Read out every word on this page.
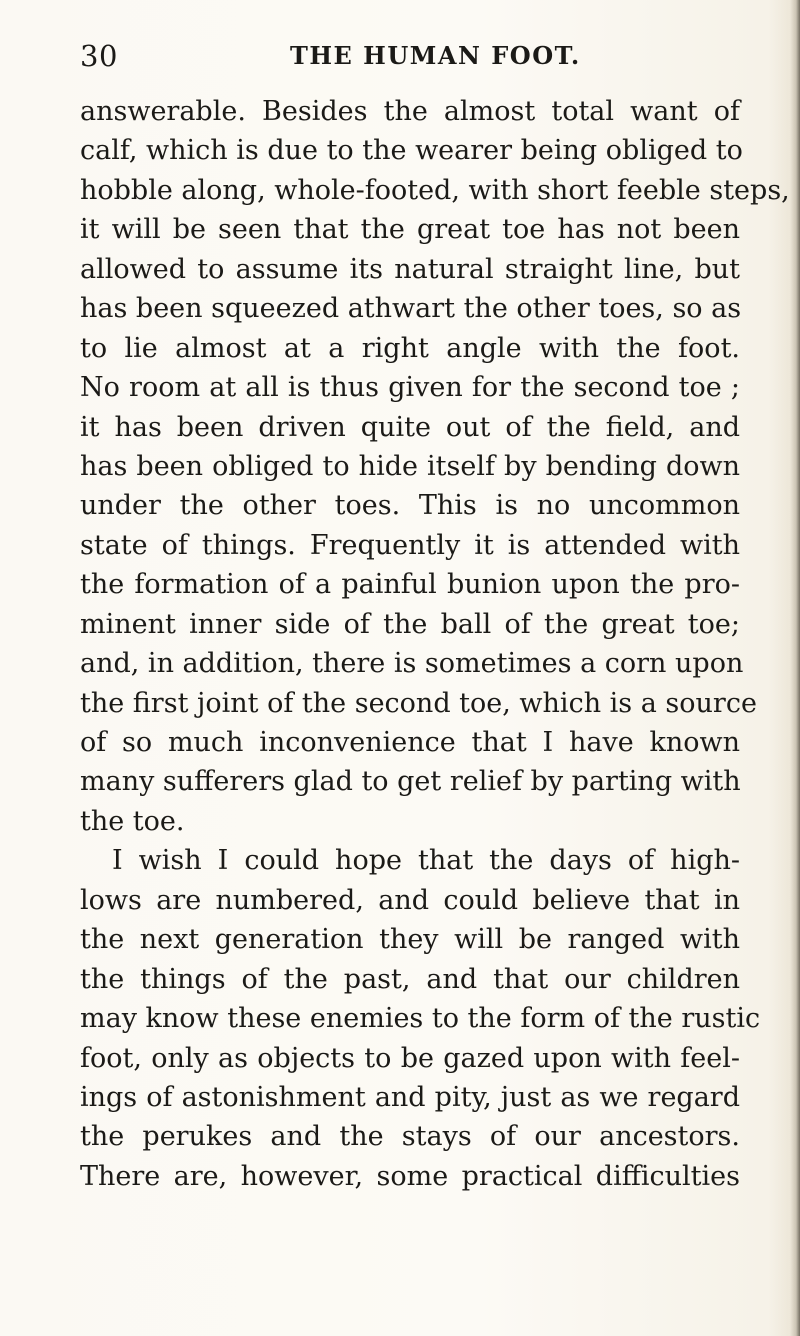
30	THE HUMAN FOOT.
answerable. Besides the almost total want of
calf, which is due to the wearer being obliged to
hobble along, whole-footed, with short feeble steps,
it will be seen that the great toe has not been
allowed to assume its natural straight line, but
has been squeezed athwart the other toes, so as
to lie almost at a right angle with the foot.
No room at all is thus given for the second toe ;
it has been driven quite out of the field, and
has been obliged to hide itself by bending down
under the other toes. This is no uncommon
state of things. Frequently it is attended with
the formation of a painful bunion upon the pro-
minent inner side of the ball of the great toe;
and, in addition, there is sometimes a corn upon
the first joint of the second toe, which is a source
of so much inconvenience that I have known
many sufferers glad to get relief by parting with
the toe.
I wish I could hope that the days of high-
lows are numbered, and could believe that in
the next generation they will be ranged with
the things of the past, and that our children
may know these enemies to the form of the rustic
foot, only as objects to be gazed upon with feel-
ings of astonishment and pity, just as we regard
the perukes and the stays of our ancestors.
There are, however, some practical difficulties
